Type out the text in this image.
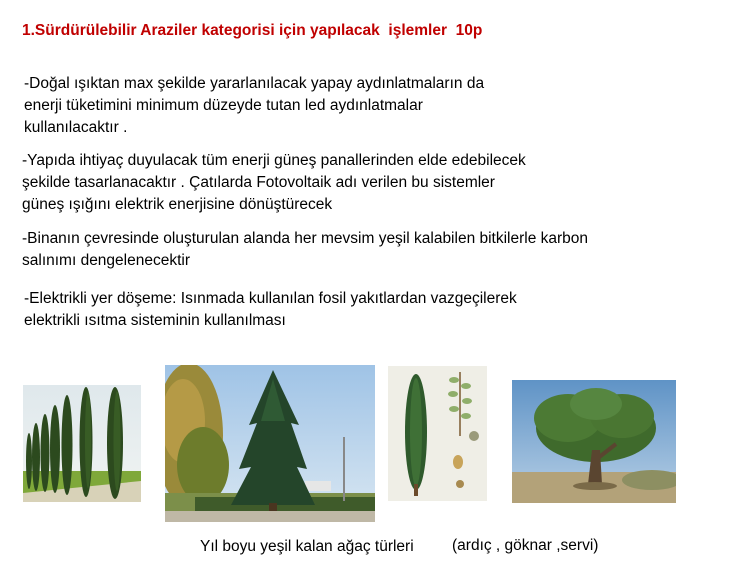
1.Sürdürülebilir Araziler kategorisi için yapılacak  işlemler  10p
-Doğal ışıktan max şekilde yararlanılacak yapay aydınlatmaların da
enerji tüketimini minimum düzeyde tutan led aydınlatmalar
kullanılacaktır .
-Yapıda ihtiyaç duyulacak tüm enerji güneş panallerinden elde edebilecek
şekilde tasarlanacaktır . Çatılarda Fotovoltaik adı verilen bu sistemler
güneş ışığını elektrik enerjisine dönüştürecek
-Binanın çevresinde oluşturulan alanda her mevsim yeşil kalabilen bitkilerle karbon
salınımı dengelenecektir
-Elektrikli yer döşeme: Isınmada kullanılan fosil yakıtlardan vazgeçilerek
elektrikli ısıtma sisteminin kullanılması
Yıl boyu yeşil kalan ağaç türleri (ardıç , göknar ,servi)
